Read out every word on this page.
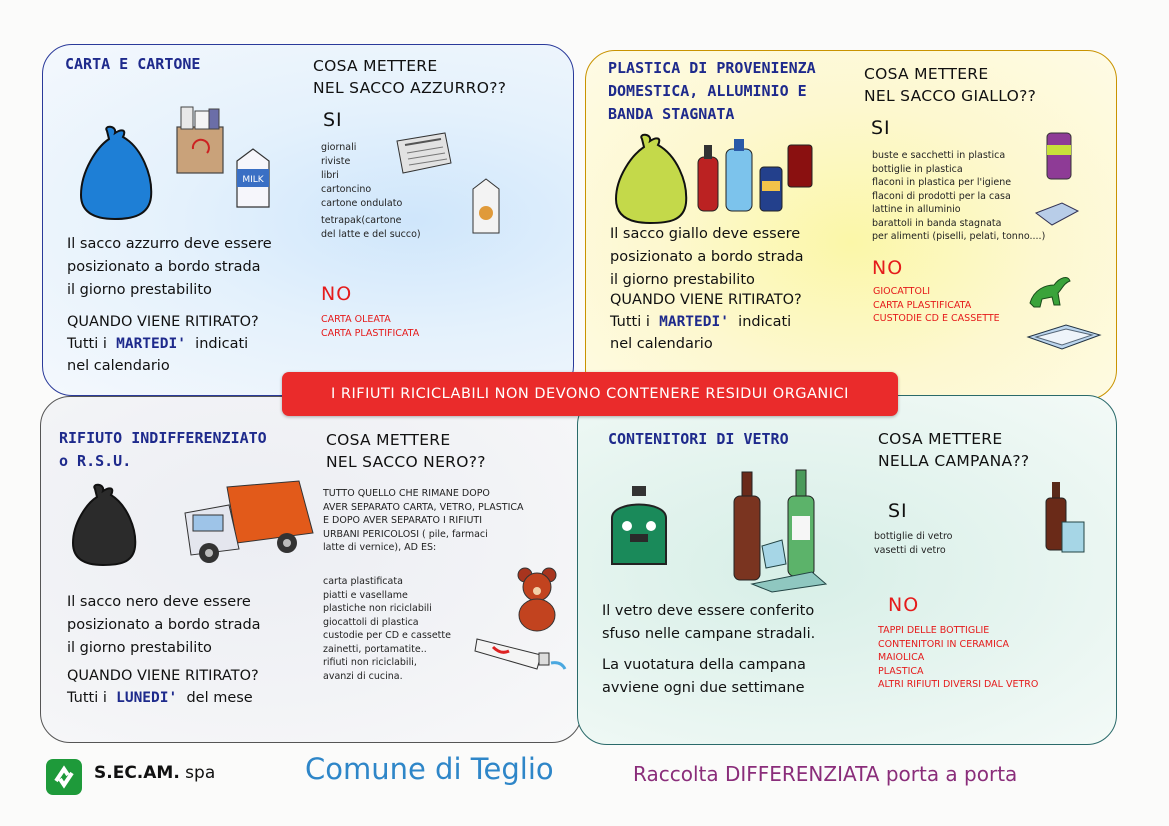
CARTA E CARTONE	COSA METTERE
NEL SACCO AZZURRO??
MILK
SI
giornali
riviste
libri
cartoncino
cartone ondulato
tetrapak(cartone
del latte e del succo)
NO
CARTA OLEATA
CARTA PLASTIFICATA
Il sacco azzurro deve essere
posizionato a bordo strada
il giorno prestabilito
QUANDO VIENE RITIRATO?
Tutti i MARTEDI' indicati
nel calendario
PLASTICA DI PROVENIENZA
DOMESTICA, ALLUMINIO E
BANDA STAGNATA
COSA METTERE
NEL SACCO GIALLO??
SI
buste e sacchetti in plastica
bottiglie in plastica
flaconi in plastica per l'igiene
flaconi di prodotti per la casa
lattine in alluminio
barattoli in banda stagnata
per alimenti (piselli, pelati, tonno....)
NO
GIOCATTOLI
CARTA PLASTIFICATA
CUSTODIE CD E CASSETTE
Il sacco giallo deve essere
posizionato a bordo strada
il giorno prestabilito
QUANDO VIENE RITIRATO?
Tutti i MARTEDI' indicati
nel calendario
RIFIUTO INDIFFERENZIATO
o R.S.U.
COSA METTERE
NEL SACCO NERO??
TUTTO QUELLO CHE RIMANE DOPO
AVER SEPARATO CARTA, VETRO, PLASTICA
E DOPO AVER SEPARATO I RIFIUTI
URBANI PERICOLOSI ( pile, farmaci
latte di vernice), AD ES:
carta plastificata
piatti e vasellame
plastiche non riciclabili
giocattoli di plastica
custodie per CD e cassette
zainetti, portamatite..
rifiuti non riciclabili,
avanzi di cucina.
Il sacco nero deve essere
posizionato a bordo strada
il giorno prestabilito
QUANDO VIENE RITIRATO?
Tutti i LUNEDI' del mese
CONTENITORI DI VETRO	COSA METTERE
NELLA CAMPANA??
SI
bottiglie di vetro
vasetti di vetro
NO
TAPPI DELLE BOTTIGLIE
CONTENITORI IN CERAMICA
MAIOLICA
PLASTICA
ALTRI RIFIUTI DIVERSI DAL VETRO
Il vetro deve essere conferito
sfuso nelle campane stradali.
La vuotatura della campana
avviene ogni due settimane
I RIFIUTI RICICLABILI NON DEVONO CONTENERE RESIDUI ORGANICI
S.EC.AM. spa	Comune di Teglio	Raccolta DIFFERENZIATA porta a porta
